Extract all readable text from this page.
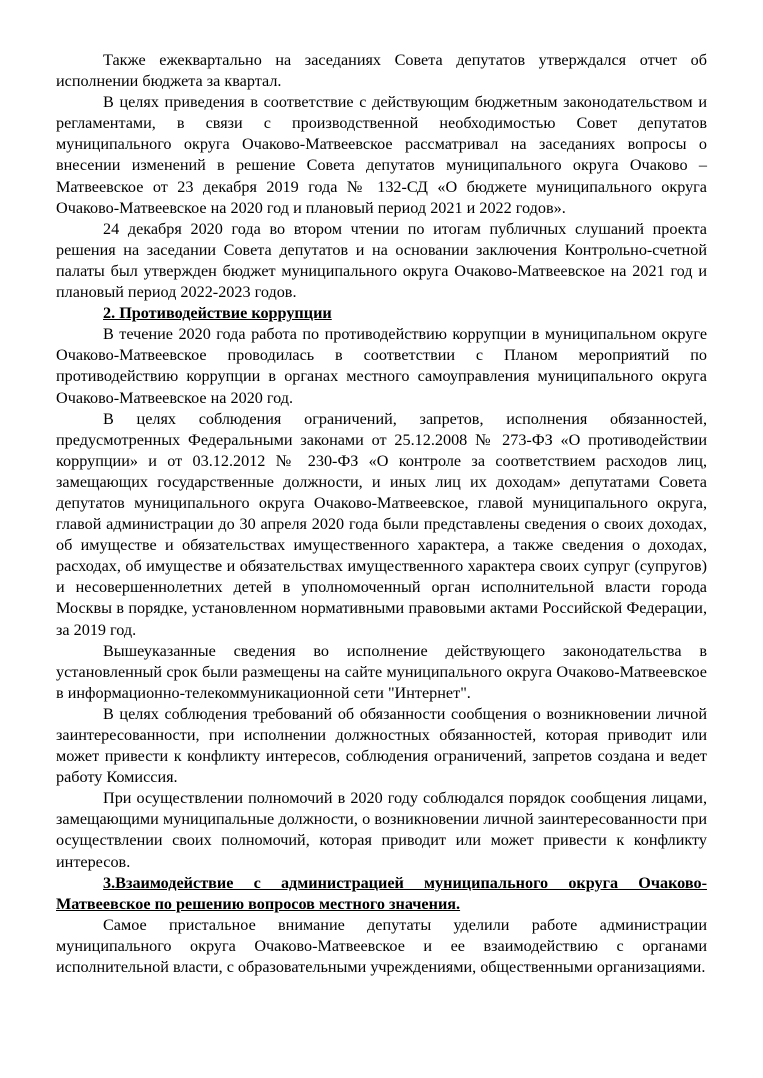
Также ежеквартально на заседаниях Совета депутатов утверждался отчет об исполнении бюджета за квартал.

В целях приведения в соответствие с действующим бюджетным законодательством и регламентами, в связи с производственной необходимостью Совет депутатов муниципального округа Очаково-Матвеевское рассматривал на заседаниях вопросы о внесении изменений в решение Совета депутатов муниципального округа Очаково – Матвеевское от 23 декабря 2019 года № 132-СД «О бюджете муниципального округа Очаково-Матвеевское на 2020 год и плановый период 2021 и 2022 годов».

24 декабря 2020 года во втором чтении по итогам публичных слушаний проекта решения на заседании Совета депутатов и на основании заключения Контрольно-счетной палаты был утвержден бюджет муниципального округа Очаково-Матвеевское на 2021 год и плановый период 2022-2023 годов.

2. Противодействие коррупции

В течение 2020 года работа по противодействию коррупции в муниципальном округе Очаково-Матвеевское проводилась в соответствии с Планом мероприятий по противодействию коррупции в органах местного самоуправления муниципального округа Очаково-Матвеевское на 2020 год.

В целях соблюдения ограничений, запретов, исполнения обязанностей, предусмотренных Федеральными законами от 25.12.2008 № 273-ФЗ «О противодействии коррупции» и от 03.12.2012 № 230-ФЗ «О контроле за соответствием расходов лиц, замещающих государственные должности, и иных лиц их доходам» депутатами Совета депутатов муниципального округа Очаково-Матвеевское, главой муниципального округа, главой администрации до 30 апреля 2020 года были представлены сведения о своих доходах, об имуществе и обязательствах имущественного характера, а также сведения о доходах, расходах, об имуществе и обязательствах имущественного характера своих супруг (супругов) и несовершеннолетних детей в уполномоченный орган исполнительной власти города Москвы в порядке, установленном нормативными правовыми актами Российской Федерации, за 2019 год.

Вышеуказанные сведения во исполнение действующего законодательства в установленный срок были размещены на сайте муниципального округа Очаково-Матвеевское в информационно-телекоммуникационной сети "Интернет".

В целях соблюдения требований об обязанности сообщения о возникновении личной заинтересованности, при исполнении должностных обязанностей, которая приводит или может привести к конфликту интересов, соблюдения ограничений, запретов создана и ведет работу Комиссия.

При осуществлении полномочий в 2020 году соблюдался порядок сообщения лицами, замещающими муниципальные должности, о возникновении личной заинтересованности при осуществлении своих полномочий, которая приводит или может привести к конфликту интересов.

3.Взаимодействие с администрацией муниципального округа Очаково-Матвеевское по решению вопросов местного значения.

Самое пристальное внимание депутаты уделили работе администрации муниципального округа Очаково-Матвеевское и ее взаимодействию с органами исполнительной власти, с образовательными учреждениями, общественными организациями.
